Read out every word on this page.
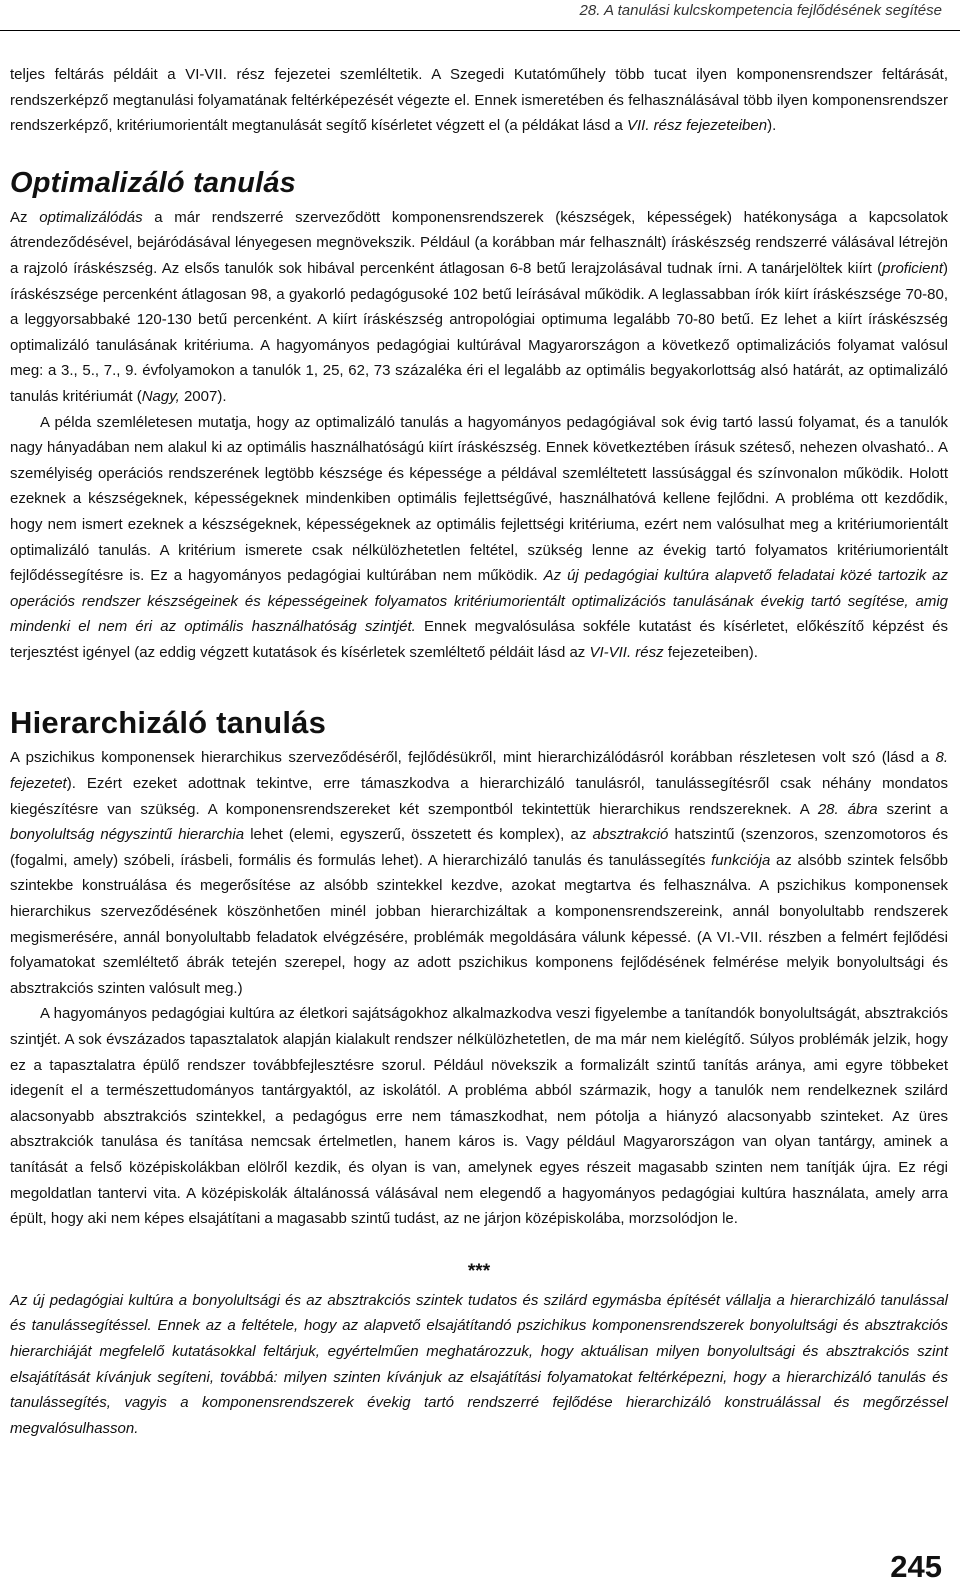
28. A tanulási kulcskompetencia fejlődésének segítése

teljes feltárás példáit a VI-VII. rész fejezetei szemléltetik. A Szegedi Kutatóműhely több tucat ilyen komponensrendszer feltárását, rendszerképző megtanulási folyamatának feltérképezését végezte el. Ennek ismeretében és felhasználásával több ilyen komponensrendszer rendszerképző, kritériumorientált megtanulását segítő kísérletet végzett el (a példákat lásd a VII. rész fejezeteiben).

Optimalizáló tanulás

Az optimalizálódás a már rendszerré szerveződött komponensrendszerek (készségek, képességek) hatékonysága a kapcsolatok átrendeződésével, bejáródásával lényegesen megnövekszik. Például (a korábban már felhasznált) íráskészség rendszerré válásával létrejön a rajzoló íráskészség. Az elsős tanulók sok hibával percenként átlagosan 6-8 betű lerajzolásával tudnak írni. A tanárjelöltek kiírt (proficient) íráskészsége percenként átlagosan 98, a gyakorló pedagógusoké 102 betű leírásával működik. A leglassabban írók kiírt íráskészsége 70-80, a leggyorsabbaké 120-130 betű percenként. A kiírt íráskészség antropológiai optimuma legalább 70-80 betű. Ez lehet a kiírt íráskészség optimalizáló tanulásának kritériuma. A hagyományos pedagógiai kultúrával Magyarországon a következő optimalizációs folyamat valósul meg: a 3., 5., 7., 9. évfolyamokon a tanulók 1, 25, 62, 73 százaléka éri el legalább az optimális begyakorlottság alsó határát, az optimalizáló tanulás kritériumát (Nagy, 2007).

A példa szemléletesen mutatja, hogy az optimalizáló tanulás a hagyományos pedagógiával sok évig tartó lassú folyamat, és a tanulók nagy hányadában nem alakul ki az optimális használhatóságú kiírt íráskészség. Ennek következtében írásuk széteső, nehezen olvasható.. A személyiség operációs rendszerének legtöbb készsége és képessége a példával szemléltetett lassúsággal és színvonalon működik. Holott ezeknek a készségeknek, képességeknek mindenkiben optimális fejlettségűvé, használhatóvá kellene fejlődni. A probléma ott kezdődik, hogy nem ismert ezeknek a készségeknek, képességeknek az optimális fejlettségi kritériuma, ezért nem valósulhat meg a kritériumorientált optimalizáló tanulás. A kritérium ismerete csak nélkülözhetetlen feltétel, szükség lenne az évekig tartó folyamatos kritériumorientált fejlődéssegítésre is. Ez a hagyományos pedagógiai kultúrában nem működik. Az új pedagógiai kultúra alapvető feladatai közé tartozik az operációs rendszer készségeinek és képességeinek folyamatos kritériumorientált optimalizációs tanulásának évekig tartó segítése, amig mindenki el nem éri az optimális használhatóság szintjét. Ennek megvalósulása sokféle kutatást és kísérletet, előkészítő képzést és terjesztést igényel (az eddig végzett kutatások és kísérletek szemléltető példáit lásd az VI-VII. rész fejezeteiben).

Hierarchizáló tanulás

A pszichikus komponensek hierarchikus szerveződéséről, fejlődésükről, mint hierarchizálódásról korábban részletesen volt szó (lásd a 8. fejezetet). Ezért ezeket adottnak tekintve, erre támaszkodva a hierarchizáló tanulásról, tanulássegítésről csak néhány mondatos kiegészítésre van szükség. A komponensrendszereket két szempontból tekintettük hierarchikus rendszereknek. A 28. ábra szerint a bonyolultság négyszintű hierarchia lehet (elemi, egyszerű, összetett és komplex), az absztrakció hatszintű (szenzoros, szenzomotoros és (fogalmi, amely) szóbeli, írásbeli, formális és formulás lehet). A hierarchizáló tanulás és tanulássegítés funkciója az alsóbb szintek felsőbb szintekbe konstruálása és megerősítése az alsóbb szintekkel kezdve, azokat megtartva és felhasználva. A pszichikus komponensek hierarchikus szerveződésének köszönhetően minél jobban hierarchizáltak a komponensrendszereink, annál bonyolultabb rendszerek megismerésére, annál bonyolultabb feladatok elvégzésére, problémák megoldására válunk képessé. (A VI.-VII. részben a felmért fejlődési folyamatokat szemléltető ábrák tetején szerepel, hogy az adott pszichikus komponens fejlődésének felmérése melyik bonyolultsági és absztrakciós szinten valósult meg.)

A hagyományos pedagógiai kultúra az életkori sajátságokhoz alkalmazkodva veszi figyelembe a tanítandók bonyolultságát, absztrakciós szintjét. A sok évszázados tapasztalatok alapján kialakult rendszer nélkülözhetetlen, de ma már nem kielégítő. Súlyos problémák jelzik, hogy ez a tapasztalatra épülő rendszer továbbfejlesztésre szorul. Például növekszik a formalizált szintű tanítás aránya, ami egyre többeket idegenít el a természettudományos tantárgyaktól, az iskolától. A probléma abból származik, hogy a tanulók nem rendelkeznek szilárd alacsonyabb absztrakciós szintekkel, a pedagógus erre nem támaszkodhat, nem pótolja a hiányzó alacsonyabb szinteket. Az üres absztrakciók tanulása és tanítása nemcsak értelmetlen, hanem káros is. Vagy például Magyarországon van olyan tantárgy, aminek a tanítását a felső középiskolákban elölről kezdik, és olyan is van, amelynek egyes részeit magasabb szinten nem tanítják újra. Ez régi megoldatlan tantervi vita. A középiskolák általánossá válásával nem elegendő a hagyományos pedagógiai kultúra használata, amely arra épült, hogy aki nem képes elsajátítani a magasabb szintű tudást, az ne járjon középiskolába, morzsolódjon le.

***

Az új pedagógiai kultúra a bonyolultsági és az absztrakciós szintek tudatos és szilárd egymásba építését vállalja a hierarchizáló tanulással és tanulássegítéssel. Ennek az a feltétele, hogy az alapvető elsajátítandó pszichikus komponensrendszerek bonyolultsági és absztrakciós hierarchiáját megfelelő kutatásokkal feltárjuk, egyértelműen meghatározzuk, hogy aktuálisan milyen bonyolultsági és absztrakciós szint elsajátítását kívánjuk segíteni, továbbá: milyen szinten kívánjuk az elsajátítási folyamatokat feltérképezni, hogy a hierarchizáló tanulás és tanulássegítés, vagyis a komponensrendszerek évekig tartó rendszerré fejlődése hierarchizáló konstruálással és megőrzéssel megvalósulhasson.

245
